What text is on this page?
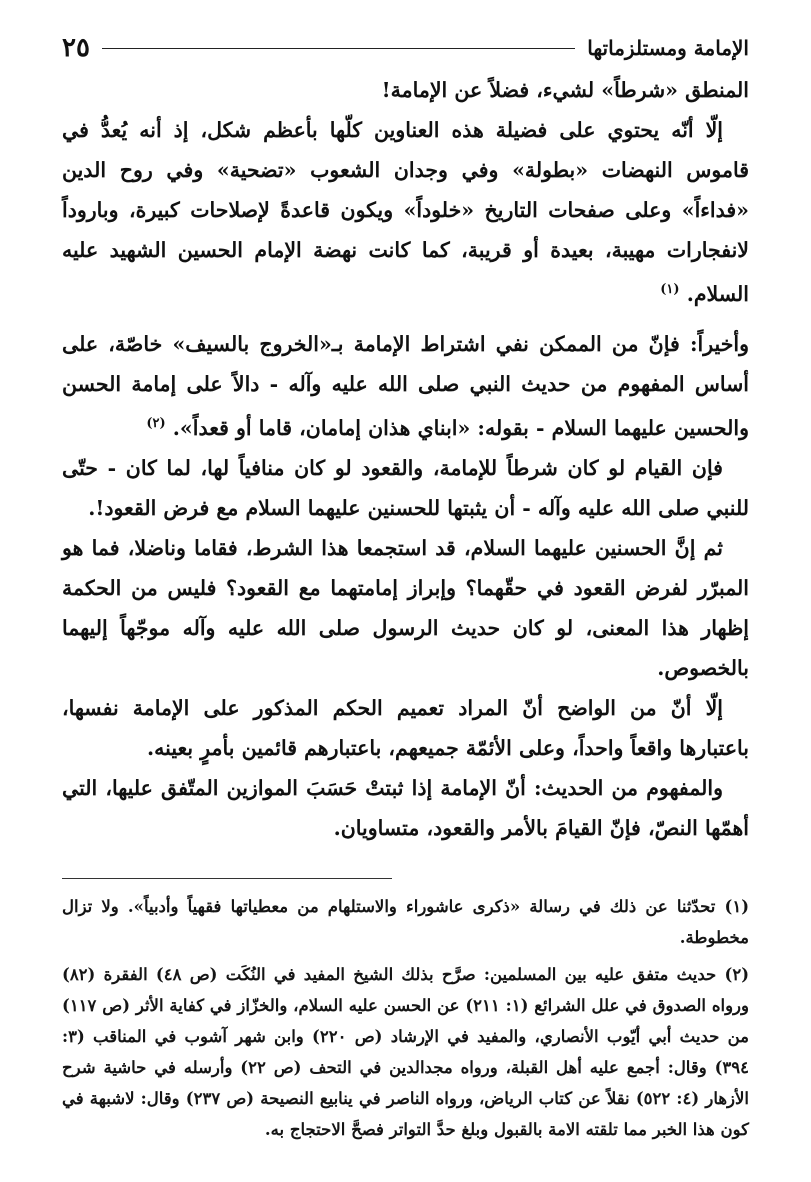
الإمامة ومستلزماتها
٢٥

المنطق «شرطاً» لشيء، فضلاً عن الإمامة!

إلّا أنّه يحتوي على فضيلة هذه العناوين كلّها بأعظم شكل، إذ أنه يُعدُّ في قاموس النهضات «بطولة» وفي وجدان الشعوب «تضحية» وفي روح الدين «فداءاً» وعلى صفحات التاريخ «خلوداً» ويكون قاعدةً لإصلاحات كبيرة، وباروداً لانفجارات مهيبة، بعيدة أو قريبة، كما كانت نهضة الإمام الحسين الشهيد عليه السلام. $^{(١)}$

وأخيراً: فإنّ من الممكن نفي اشتراط الإمامة بـ«الخروج بالسيف» خاصّة، على أساس المفهوم من حديث النبي صلى الله عليه وآله - دالاً على إمامة الحسن والحسين عليهما السلام - بقوله: «ابناي هذان إمامان، قاما أو قعداً». $^{(٢)}$

فإن القيام لو كان شرطاً للإمامة، والقعود لو كان منافياً لها، لما كان - حتّى للنبي صلى الله عليه وآله - أن يثبتها للحسنين عليهما السلام مع فرض القعود!.

ثم إنَّ الحسنين عليهما السلام، قد استجمعا هذا الشرط، فقاما وناضلا، فما هو المبرّر لفرض القعود في حقّهما؟ وإبراز إمامتهما مع القعود؟ فليس من الحكمة إظهار هذا المعنى، لو كان حديث الرسول صلى الله عليه وآله موجّهاً إليهما بالخصوص.

إلّا أنّ من الواضح أنّ المراد تعميم الحكم المذكور على الإمامة نفسها، باعتبارها واقعاً واحداً، وعلى الأئمّة جميعهم، باعتبارهم قائمين بأمرٍ بعينه.

والمفهوم من الحديث: أنّ الإمامة إذا ثبتتْ حَسَبَ الموازين المتّفق عليها، التي أهمّها النصّ، فإنّ القيامَ بالأمر والقعود، متساويان.

(١) تحدّثنا عن ذلك في رسالة «ذكرى عاشوراء والاستلهام من معطياتها فقهياً وأدبياً». ولا تزال مخطوطة.

(٢) حديث متفق عليه بين المسلمين: صرَّح بذلك الشيخ المفيد في النُكَت (ص ٤٨) الفقرة (٨٢) ورواه الصدوق في علل الشرائع (١: ٢١١) عن الحسن عليه السلام، والخزّاز في كفاية الأثر (ص ١١٧) من حديث أبي أيّوب الأنصاري، والمفيد في الإرشاد (ص ٢٢٠) وابن شهر آشوب في المناقب (٣: ٣٩٤) وقال: أجمع عليه أهل القبلة، ورواه مجدالدين في التحف (ص ٢٢) وأرسله في حاشية شرح الأزهار (٤: ٥٢٢) نقلاً عن كتاب الرياض، ورواه الناصر في ينابيع النصيحة (ص ٢٣٧) وقال: لاشبهة في كون هذا الخبر مما تلقته الامة بالقبول وبلغ حدَّ التواتر فصحَّ الاحتجاج به.
